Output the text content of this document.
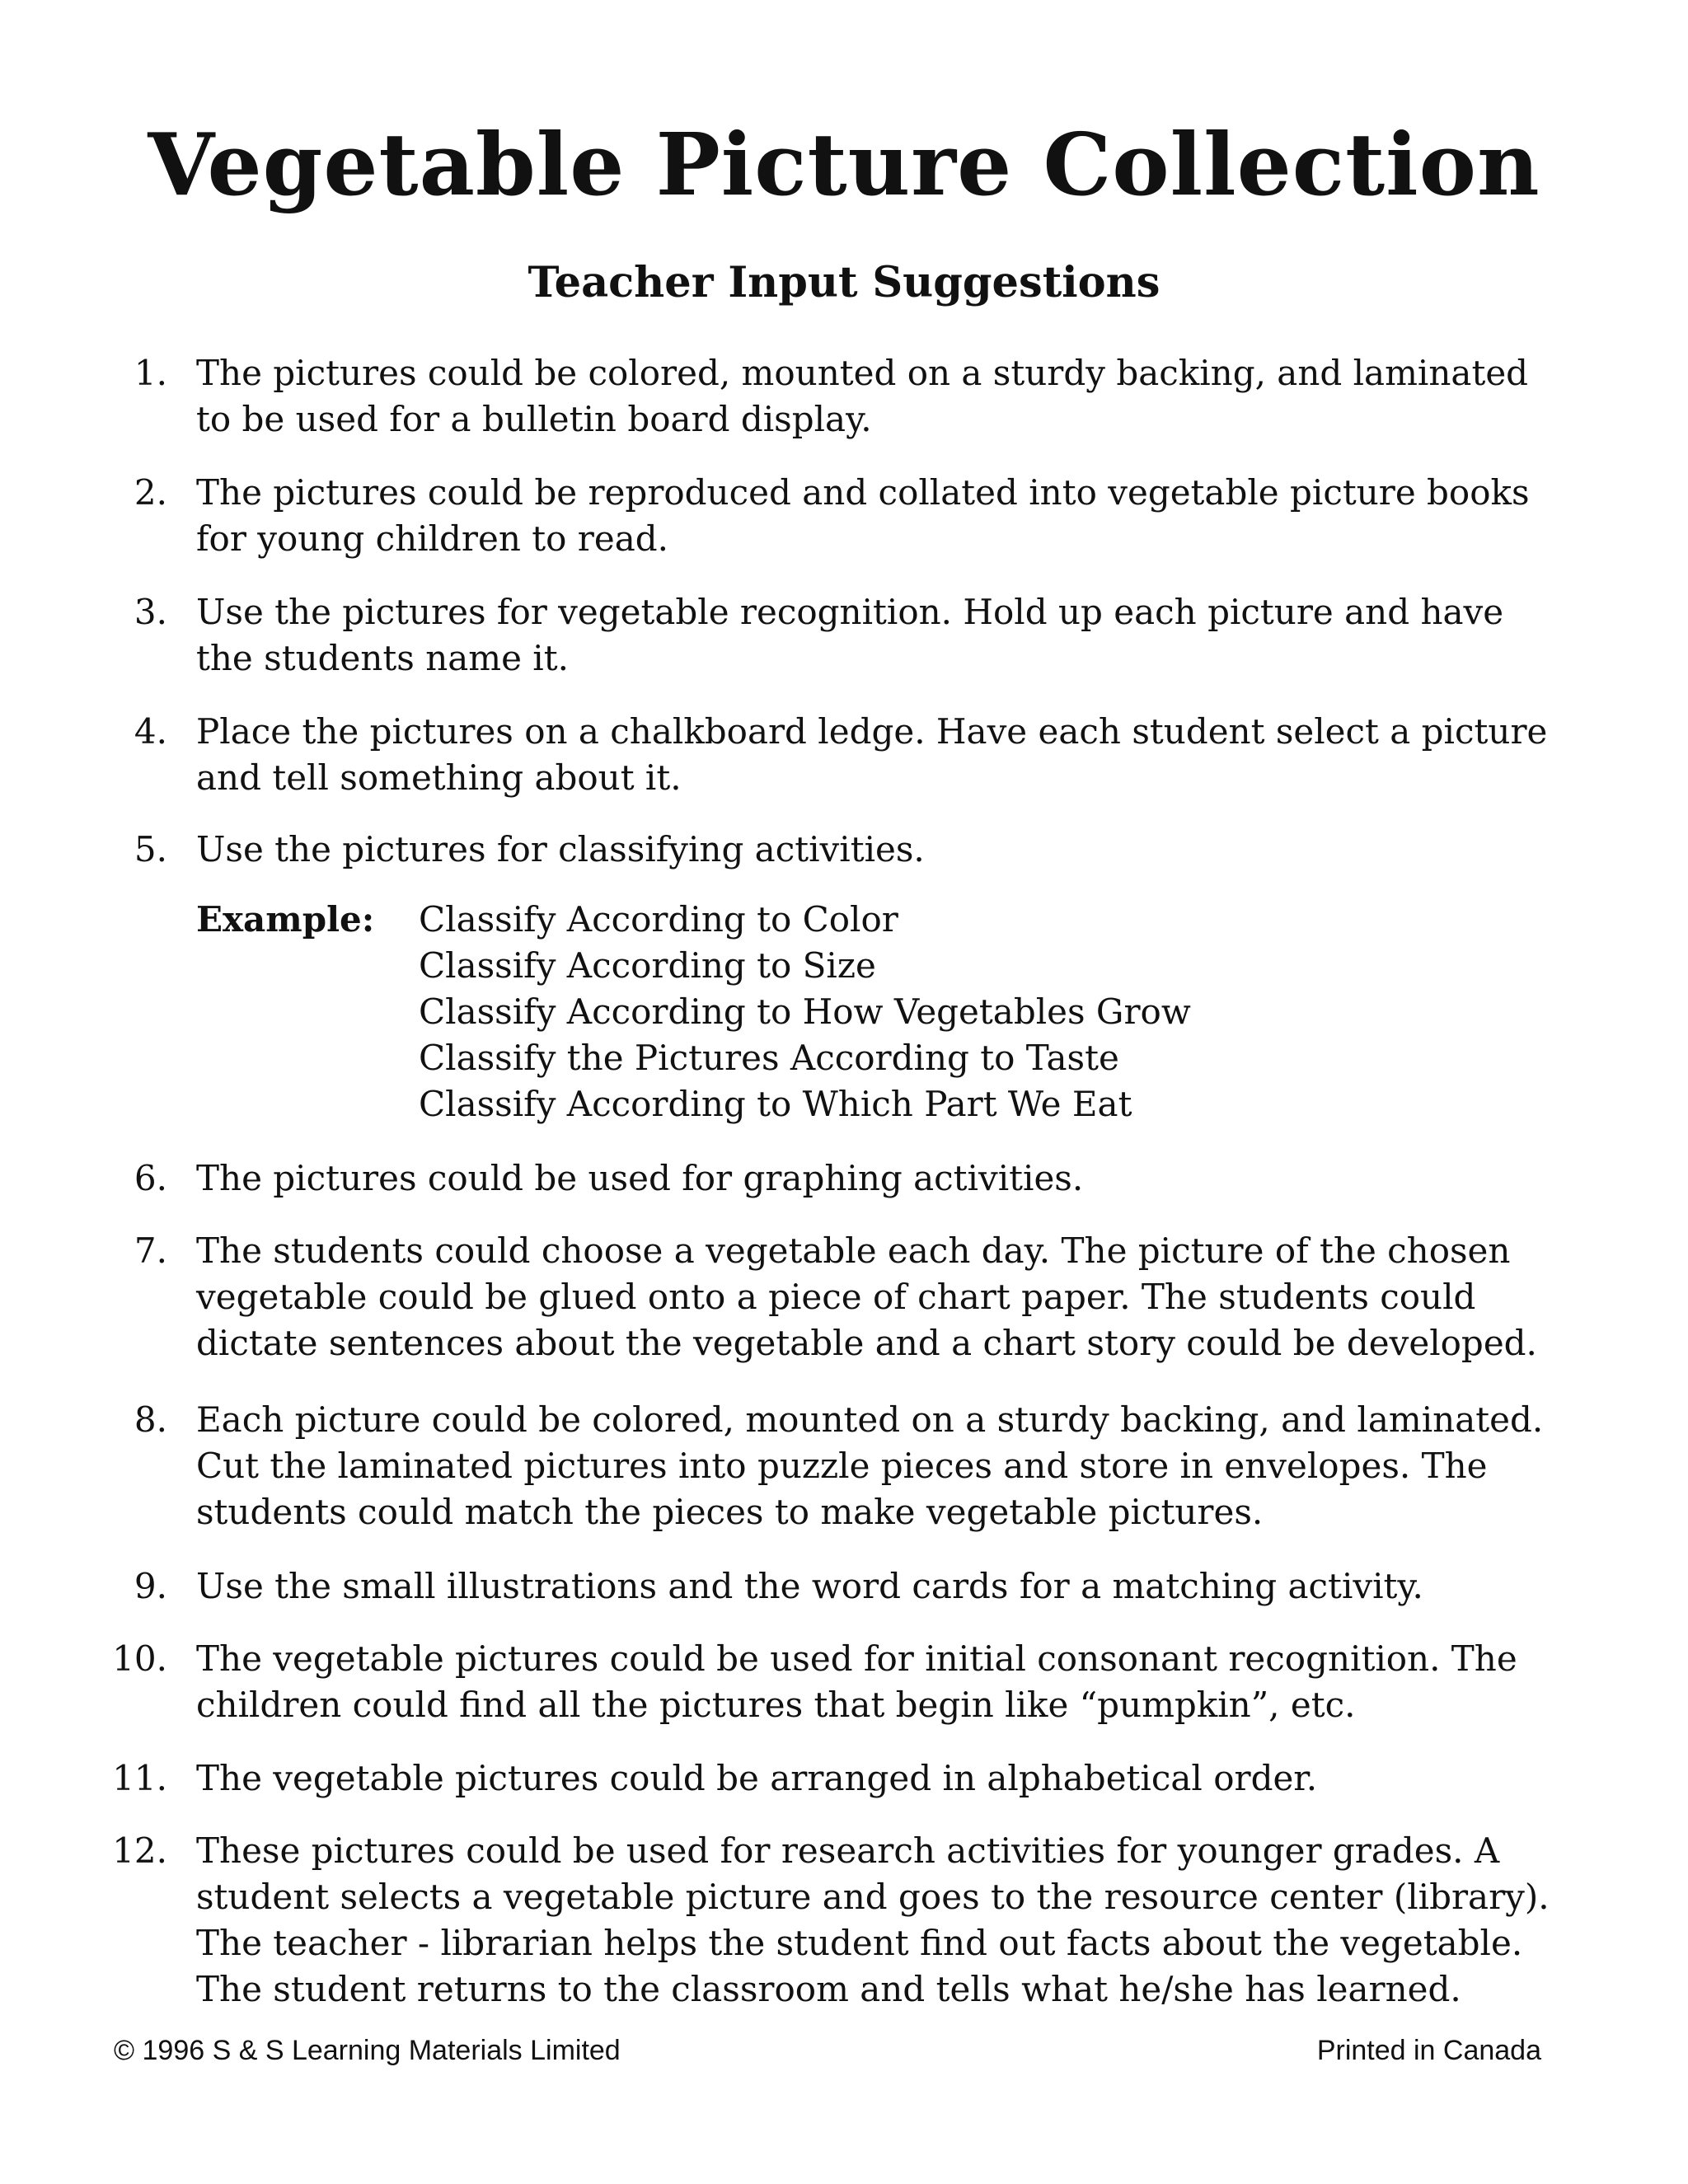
Vegetable Picture Collection
Teacher Input Suggestions
1. The pictures could be colored, mounted on a sturdy backing, and laminated to be used for a bulletin board display.
2. The pictures could be reproduced and collated into vegetable picture books for young children to read.
3. Use the pictures for vegetable recognition. Hold up each picture and have the students name it.
4. Place the pictures on a chalkboard ledge. Have each student select a picture and tell something about it.
5. Use the pictures for classifying activities.
6. The pictures could be used for graphing activities.
7. The students could choose a vegetable each day. The picture of the chosen vegetable could be glued onto a piece of chart paper. The students could dictate sentences about the vegetable and a chart story could be developed.
8. Each picture could be colored, mounted on a sturdy backing, and laminated. Cut the laminated pictures into puzzle pieces and store in envelopes. The students could match the pieces to make vegetable pictures.
9. Use the small illustrations and the word cards for a matching activity.
10. The vegetable pictures could be used for initial consonant recognition. The children could find all the pictures that begin like “pumpkin”, etc.
11. The vegetable pictures could be arranged in alphabetical order.
12. These pictures could be used for research activities for younger grades. A student selects a vegetable picture and goes to the resource center (library). The teacher - librarian helps the student find out facts about the vegetable. The student returns to the classroom and tells what he/she has learned.
Example: Classify According to Color
Classify According to Size
Classify According to How Vegetables Grow
Classify the Pictures According to Taste
Classify According to Which Part We Eat
© 1996 S & S Learning Materials Limited	Printed in Canada
